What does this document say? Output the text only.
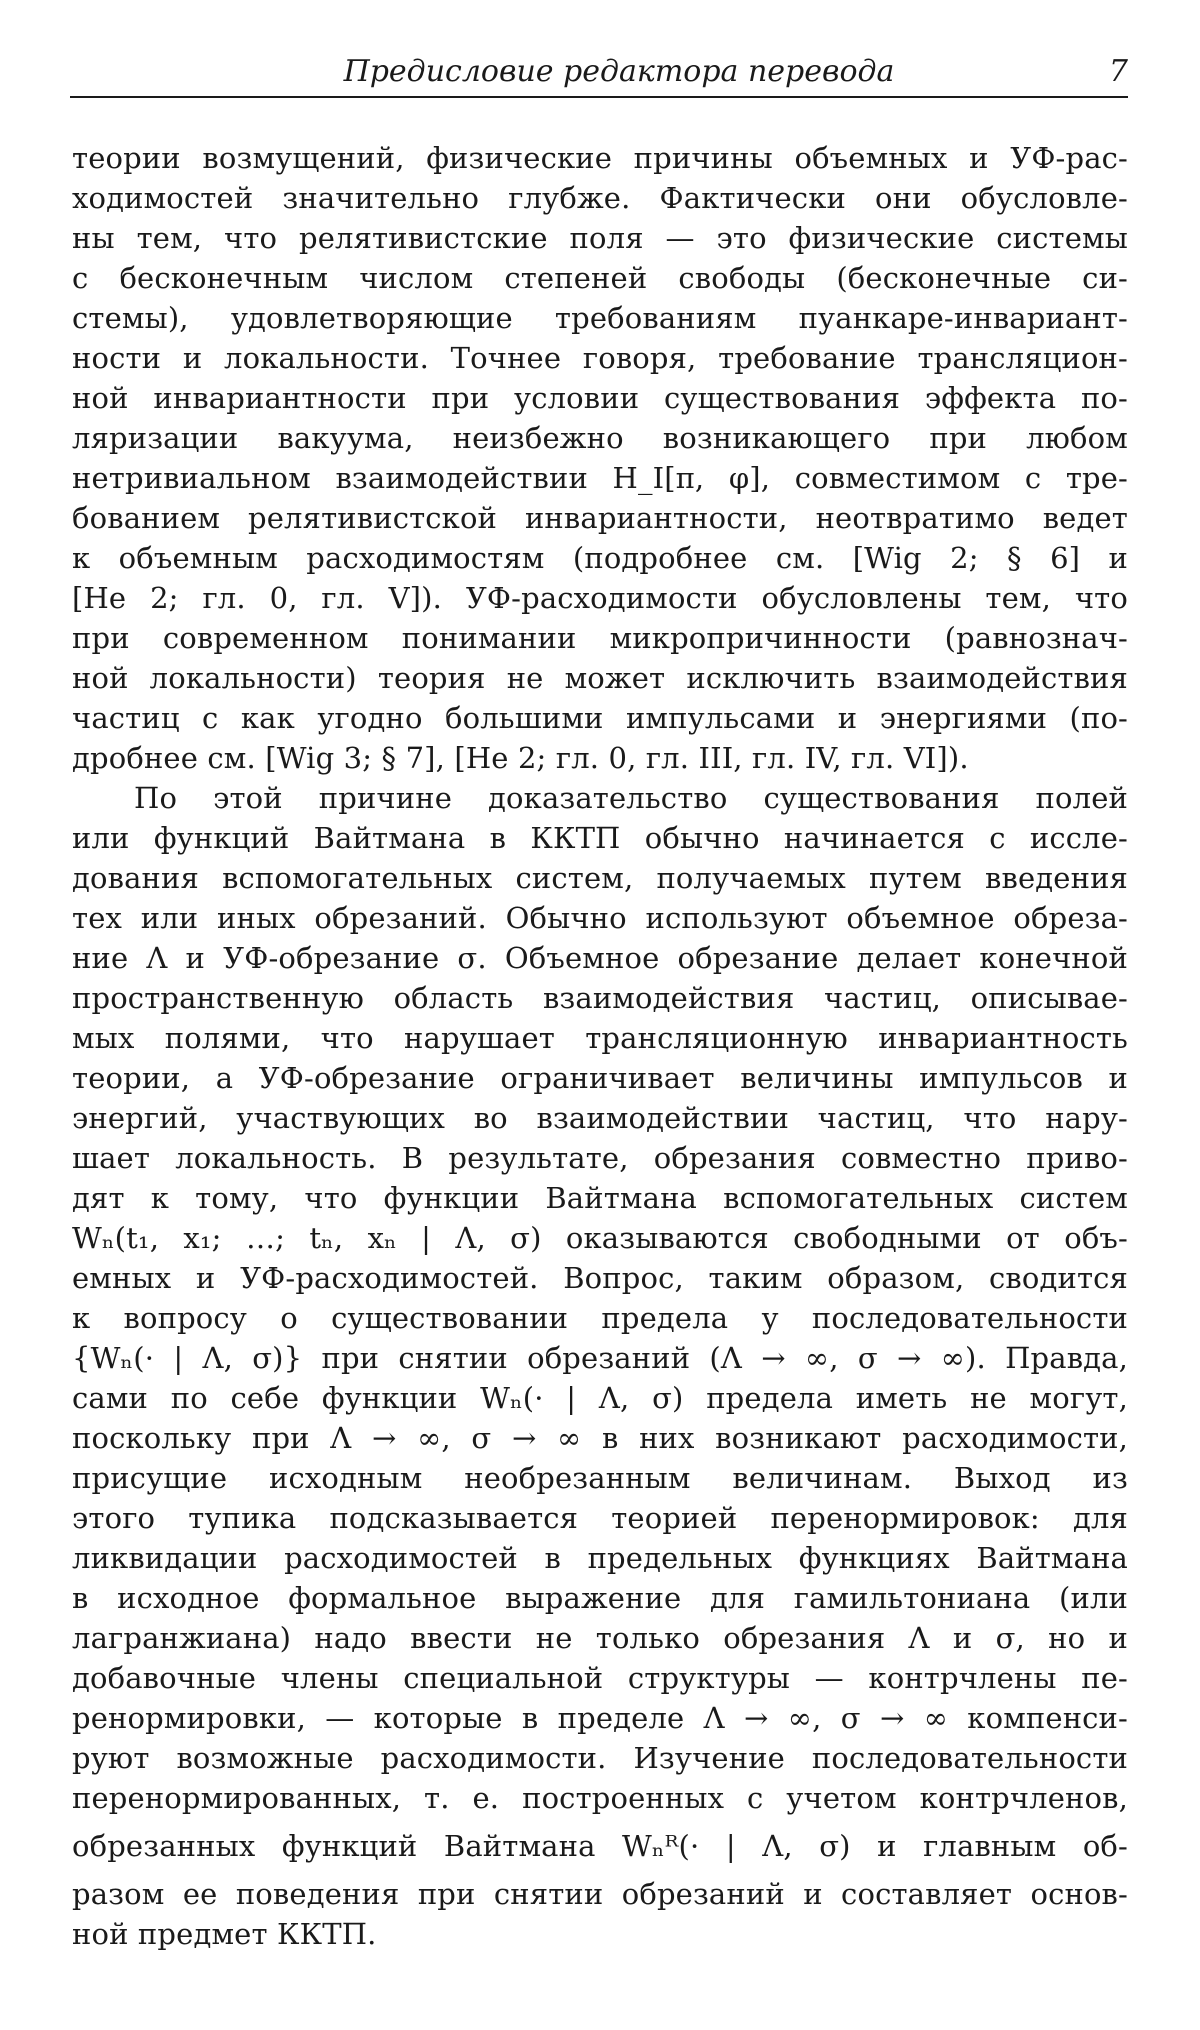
Предисловие редактора перевода	7
теории возмущений, физические причины объемных и УФ-рас-
ходимостей значительно глубже. Фактически они обусловле-
ны тем, что релятивистские поля — это физические системы
с бесконечным числом степеней свободы (бесконечные си-
стемы), удовлетворяющие требованиям пуанкаре-инвариант-
ности и локальности. Точнее говоря, требование трансляцион-
ной инвариантности при условии существования эффекта по-
ляризации вакуума, неизбежно возникающего при любом
нетривиальном взаимодействии H_I[π, φ], совместимом с тре-
бованием релятивистской инвариантности, неотвратимо ведет
к объемным расходимостям (подробнее см. [Wig 2; § 6] и
[He 2; гл. 0, гл. V]). УФ-расходимости обусловлены тем, что
при современном понимании микропричинности (равнознач-
ной локальности) теория не может исключить взаимодействия
частиц с как угодно большими импульсами и энергиями (по-
дробнее см. [Wig 3; § 7], [He 2; гл. 0, гл. III, гл. IV, гл. VI]).
По этой причине доказательство существования полей
или функций Вайтмана в ККТП обычно начинается с иссле-
дования вспомогательных систем, получаемых путем введения
тех или иных обрезаний. Обычно используют объемное обреза-
ние Λ и УФ-обрезание σ. Объемное обрезание делает конечной
пространственную область взаимодействия частиц, описывае-
мых полями, что нарушает трансляционную инвариантность
теории, а УФ-обрезание ограничивает величины импульсов и
энергий, участвующих во взаимодействии частиц, что нару-
шает локальность. В результате, обрезания совместно приво-
дят к тому, что функции Вайтмана вспомогательных систем
Wₙ(t₁, x₁; …; tₙ, xₙ | Λ, σ) оказываются свободными от объ-
емных и УФ-расходимостей. Вопрос, таким образом, сводится
к вопросу о существовании предела у последовательности
{Wₙ(· | Λ, σ)} при снятии обрезаний (Λ → ∞, σ → ∞). Правда,
сами по себе функции Wₙ(· | Λ, σ) предела иметь не могут,
поскольку при Λ → ∞, σ → ∞ в них возникают расходимости,
присущие исходным необрезанным величинам. Выход из
этого тупика подсказывается теорией перенормировок: для
ликвидации расходимостей в предельных функциях Вайтмана
в исходное формальное выражение для гамильтониана (или
лагранжиана) надо ввести не только обрезания Λ и σ, но и
добавочные члены специальной структуры — контрчлены пе-
ренормировки, — которые в пределе Λ → ∞, σ → ∞ компенси-
руют возможные расходимости. Изучение последовательности
перенормированных, т. е. построенных с учетом контрчленов,
обрезанных функций Вайтмана Wₙᴿ(· | Λ, σ) и главным об-
разом ее поведения при снятии обрезаний и составляет основ-
ной предмет ККТП.
